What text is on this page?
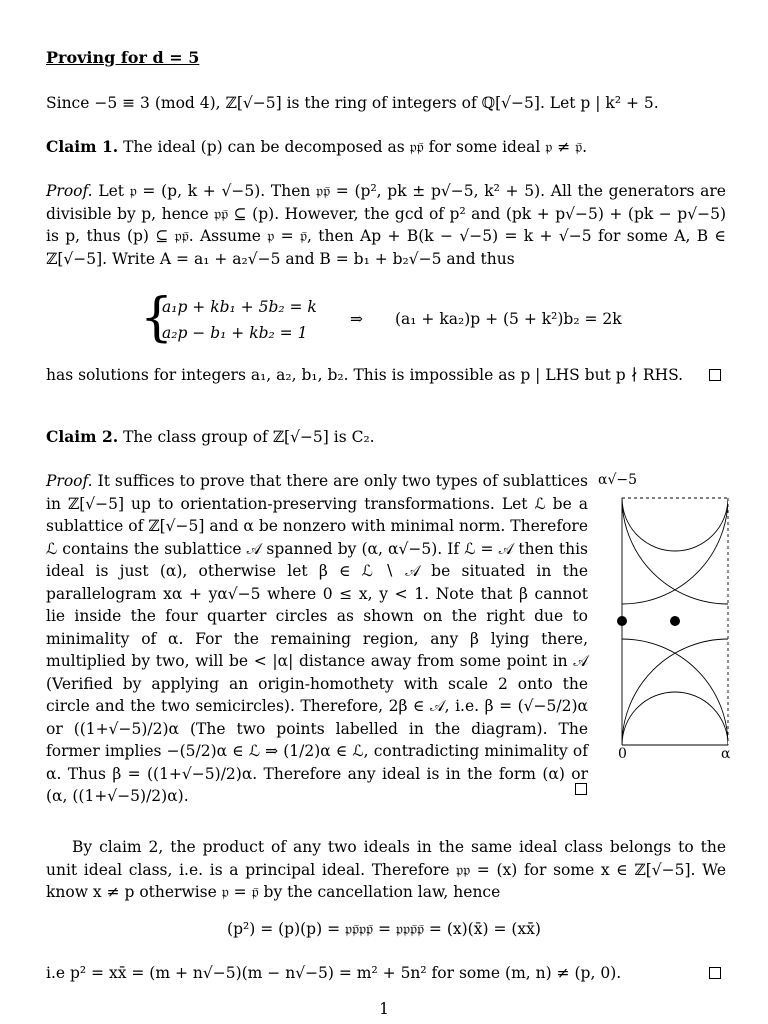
Proving for d = 5

Since −5 ≡ 3 (mod 4), ℤ[√−5] is the ring of integers of ℚ[√−5]. Let p | k² + 5.

Claim 1. The ideal (p) can be decomposed as 𝔭𝔭̄ for some ideal 𝔭 ≠ 𝔭̄.

Proof. Let 𝔭 = (p, k + √−5). Then 𝔭𝔭̄ = (p², pk ± p√−5, k² + 5). All the generators are divisible by p, hence 𝔭𝔭̄ ⊆ (p). However, the gcd of p² and (pk + p√−5) + (pk − p√−5) is p, thus (p) ⊆ 𝔭𝔭̄. Assume 𝔭 = 𝔭̄, then Ap + B(k − √−5) = k + √−5 for some A, B ∈ ℤ[√−5]. Write A = a₁ + a₂√−5 and B = b₁ + b₂√−5 and thus

{
a₁p + kb₁ + 5b₂ = k
a₂p − b₁ + kb₂ = 1
⇒ (a₁ + ka₂)p + (5 + k²)b₂ = 2k

has solutions for integers a₁, a₂, b₁, b₂. This is impossible as p | LHS but p ∤ RHS.

Claim 2. The class group of ℤ[√−5] is C₂.

Proof. It suffices to prove that there are only two types of sublattices in ℤ[√−5] up to orientation-preserving transformations. Let ℒ be a sublattice of ℤ[√−5] and α be nonzero with minimal norm. Therefore ℒ contains the sublattice 𝒜 spanned by (α, α√−5). If ℒ = 𝒜 then this ideal is just (α), otherwise let β ∈ ℒ ∖ 𝒜 be situated in the parallelogram xα + yα√−5 where 0 ≤ x, y < 1. Note that β cannot lie inside the four quarter circles as shown on the right due to minimality of α. For the remaining region, any β lying there, multiplied by two, will be < |α| distance away from some point in 𝒜 (Verified by applying an origin-homothety with scale 2 onto the circle and the two semicircles). Therefore, 2β ∈ 𝒜, i.e. β = (√−5/2)α or ((1+√−5)/2)α (The two points labelled in the diagram). The former implies −(5/2)α ∈ ℒ ⇒ (1/2)α ∈ ℒ, contradicting minimality of α. Thus β = ((1+√−5)/2)α. Therefore any ideal is in the form (α) or (α, ((1+√−5)/2)α).

α√−5
0	α

By claim 2, the product of any two ideals in the same ideal class belongs to the unit ideal class, i.e. is a principal ideal. Therefore 𝔭𝔭 = (x) for some x ∈ ℤ[√−5]. We know x ≠ p otherwise 𝔭 = 𝔭̄ by the cancellation law, hence

(p²) = (p)(p) = 𝔭𝔭̄𝔭𝔭̄ = 𝔭𝔭𝔭̄𝔭̄ = (x)(x̄) = (xx̄)

i.e p² = xx̄ = (m + n√−5)(m − n√−5) = m² + 5n² for some (m, n) ≠ (p, 0).

1
